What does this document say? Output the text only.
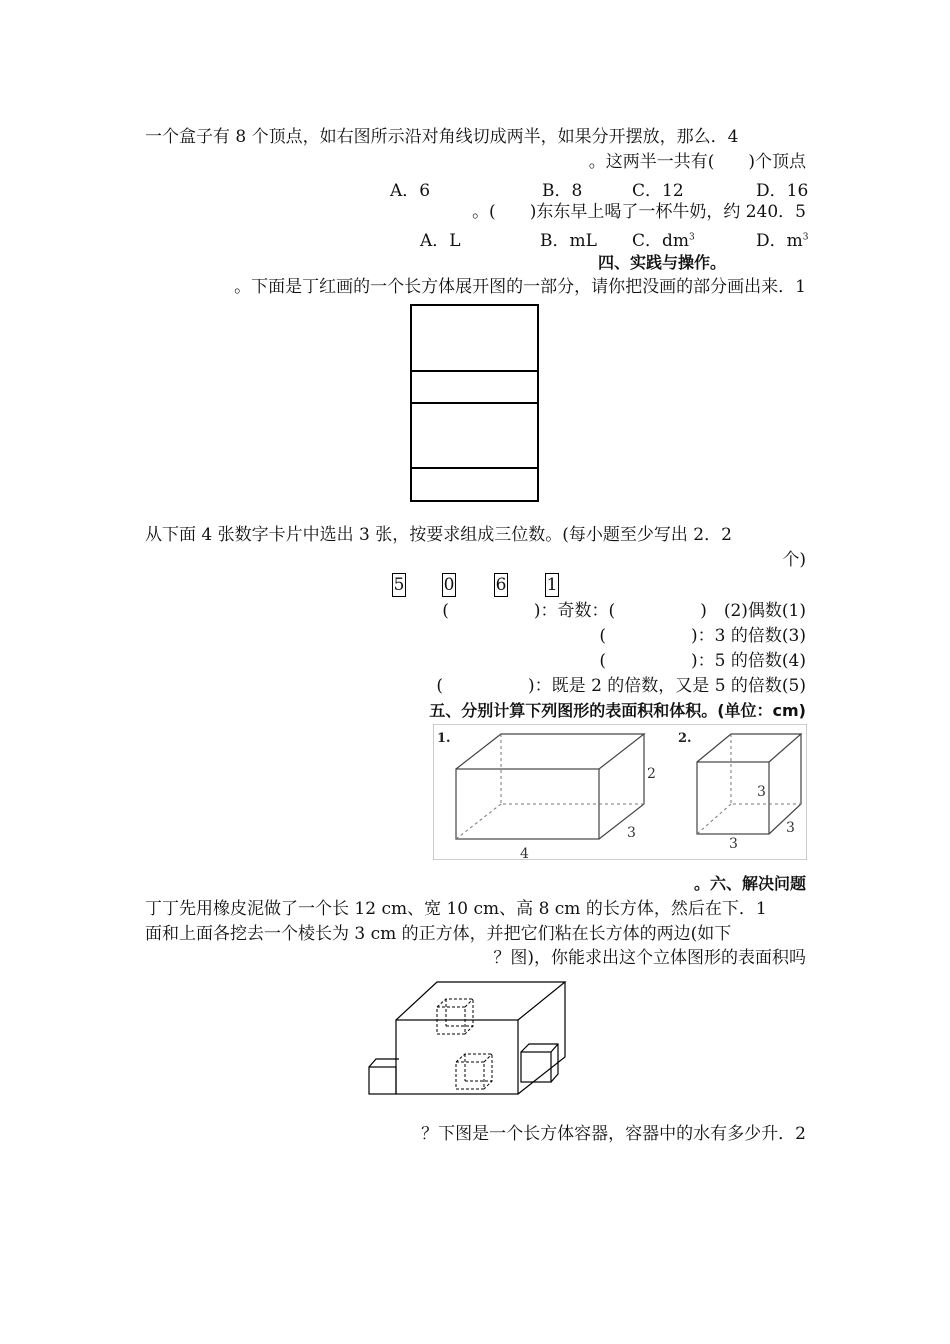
一个盒子有 8 个顶点，如右图所示沿对角线切成两半，如果分开摆放，那么．4
。这两半一共有(　　)个顶点
A．6	B．8	C．12	D．16
。(　　)东东早上喝了一杯牛奶，约 240．5
A．L	B．mL C．$dm^3$	D．$m^3$
四、实践与操作。
。下面是丁红画的一个长方体展开图的一部分，请你把没画的部分画出来．1
从下面 4 张数字卡片中选出 3 张，按要求组成三位数。(每小题至少写出 2．2
个)
5 0 6 1
(　　　　　)：奇数：(　　　　　)　(2)偶数(1)
(　　　　　)：3 的倍数(3)
(　　　　　)：5 的倍数(4)
(　　　　　)：既是 2 的倍数，又是 5 的倍数(5)
五、分别计算下列图形的表面积和体积。(单位：cm)
1.
2
3
4
2.
3
3
3
。六、解决问题
丁丁先用橡皮泥做了一个长 12 cm、宽 10 cm、高 8 cm 的长方体，然后在下．1
面和上面各挖去一个棱长为 3 cm 的正方体，并把它们粘在长方体的两边(如下
？图)，你能求出这个立体图形的表面积吗
？下图是一个长方体容器，容器中的水有多少升．2
